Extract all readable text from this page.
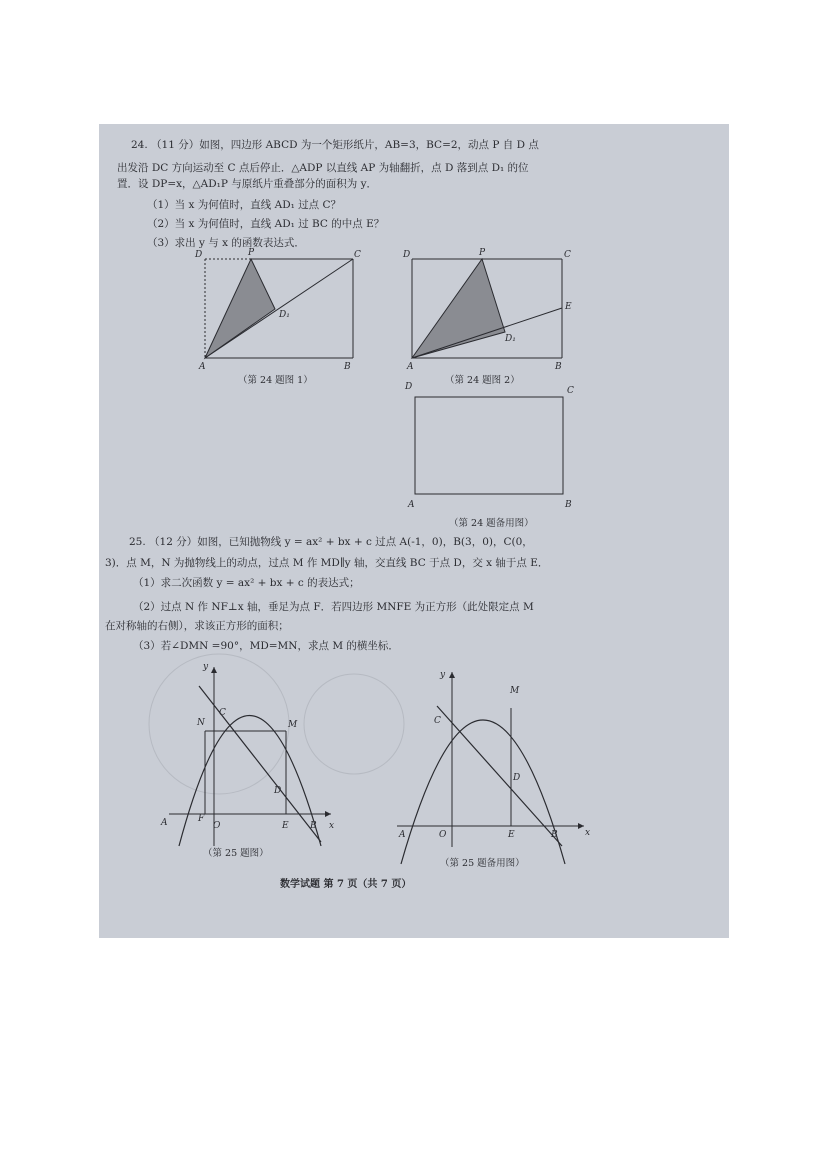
24. （11 分）如图，四边形 ABCD 为一个矩形纸片，AB=3，BC=2，动点 P 自 D 点
出发沿 DC 方向运动至 C 点后停止．△ADP 以直线 AP 为轴翻折，点 D 落到点 D₁ 的位
置．设 DP=x，△AD₁P 与原纸片重叠部分的面积为 y．
（1）当 x 为何值时，直线 AD₁ 过点 C？
（2）当 x 为何值时，直线 AD₁ 过 BC 的中点 E？
（3）求出 y 与 x 的函数表达式．
D	P	C
D₁
A	B
（第 24 题图 1）
D	P	C
E
D₁
A	B
（第 24 题图 2）
D	C
A	B
（第 24 题备用图）
25. （12 分）如图，已知抛物线 y = ax² + bx + c 过点 A(-1，0)，B(3，0)，C(0，
3)．点 M，N 为抛物线上的动点，过点 M 作 MD∥y 轴，交直线 BC 于点 D，交 x 轴于点 E．
（1）求二次函数 y = ax² + bx + c 的表达式；
（2）过点 N 作 NF⊥x 轴，垂足为点 F．若四边形 MNFE 为正方形（此处限定点 M
在对称轴的右侧），求该正方形的面积；
（3）若∠DMN =90°，MD=MN，求点 M 的横坐标．
y
N
C
M
D
A	F
O	E B x
（第 25 题图）
y
C
M
D
A	O	E	B	x
（第 25 题备用图）
数学试题 第 7 页（共 7 页）
